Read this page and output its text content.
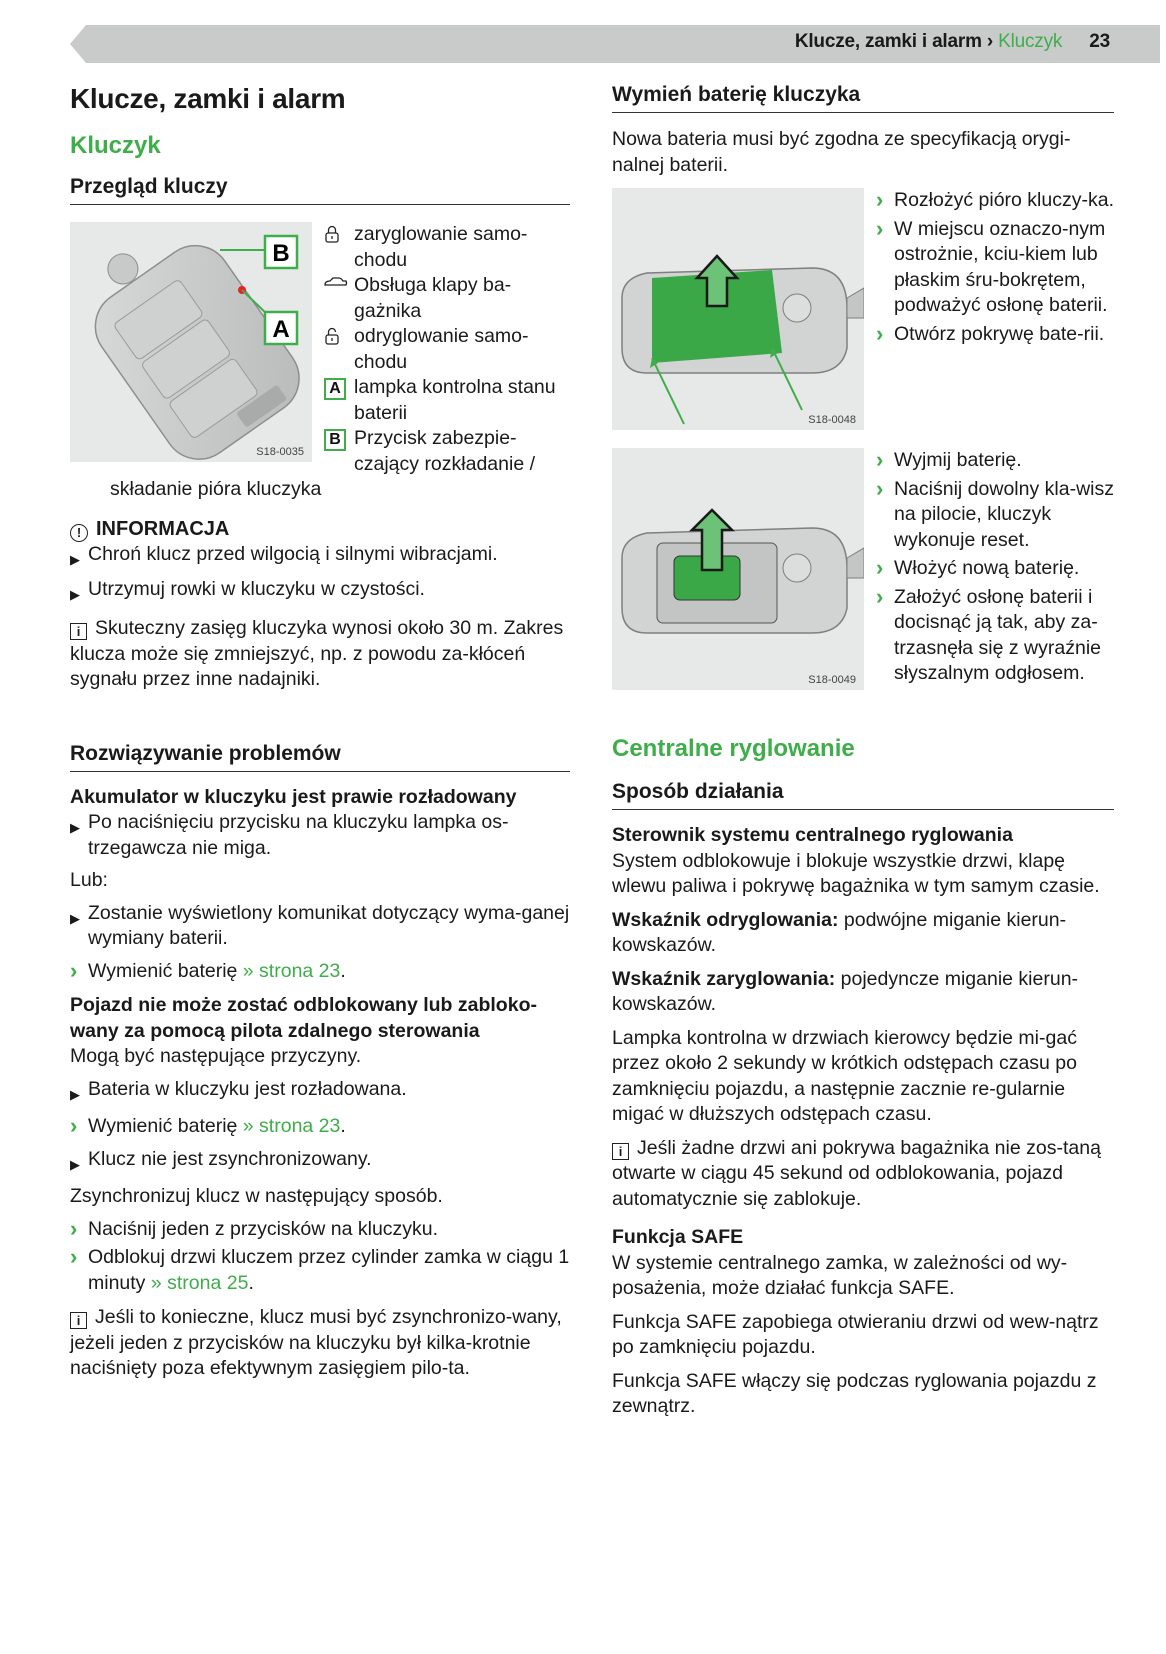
Klucze, zamki i alarm › Kluczyk 23
Klucze, zamki i alarm
Kluczyk
Przegląd kluczy
B
A
S18-0035
zaryglowanie samo-chodu
Obsługa klapy ba-gażnika
odryglowanie samo-chodu
A lampka kontrolna stanu baterii
B Przycisk zabezpie-czający rozkładanie /

składanie pióra kluczyka

! INFORMACJA
▶ Chroń klucz przed wilgocią i silnymi wibracjami.
▶ Utrzymuj rowki w kluczyku w czystości.

i Skuteczny zasięg kluczyka wynosi około 30 m. Zakres klucza może się zmniejszyć, np. z powodu za-kłóceń sygnału przez inne nadajniki.

Rozwiązywanie problemów

Akumulator w kluczyku jest prawie rozładowany

▶ Po naciśnięciu przycisku na kluczyku lampka os-trzegawcza nie miga.

Lub:

▶ Zostanie wyświetlony komunikat dotyczący wyma-ganej wymiany baterii.
› Wymienić baterię » strona 23.

Pojazd nie może zostać odblokowany lub zabloko-wany za pomocą pilota zdalnego sterowania

Mogą być następujące przyczyny.

▶ Bateria w kluczyku jest rozładowana.
› Wymienić baterię » strona 23.
▶ Klucz nie jest zsynchronizowany.

Zsynchronizuj klucz w następujący sposób.

› Naciśnij jeden z przycisków na kluczyku.
› Odblokuj drzwi kluczem przez cylinder zamka w ciągu 1 minuty » strona 25.

i Jeśli to konieczne, klucz musi być zsynchronizo-wany, jeżeli jeden z przycisków na kluczyku był kilka-krotnie naciśnięty poza efektywnym zasięgiem pilo-ta.

Wymień baterię kluczyka

Nowa bateria musi być zgodna ze specyfikacją orygi-nalnej baterii.

S18-0048
› Rozłożyć pióro kluczy-ka.
› W miejscu oznaczo-nym ostrożnie, kciu-kiem lub płaskim śru-bokrętem, podważyć osłonę baterii.
› Otwórz pokrywę bate-rii.
S18-0049
› Wyjmij baterię.
› Naciśnij dowolny kla-wisz na pilocie, kluczyk wykonuje reset.
› Włożyć nową baterię.
› Założyć osłonę baterii i docisnąć ją tak, aby za-trzasnęła się z wyraźnie słyszalnym odgłosem.
Centralne ryglowanie
Sposób działania

Sterownik systemu centralnego ryglowania

System odblokowuje i blokuje wszystkie drzwi, klapę wlewu paliwa i pokrywę bagażnika w tym samym czasie.

Wskaźnik odryglowania: podwójne miganie kierun-kowskazów.

Wskaźnik zaryglowania: pojedyncze miganie kierun-kowskazów.

Lampka kontrolna w drzwiach kierowcy będzie mi-gać przez około 2 sekundy w krótkich odstępach czasu po zamknięciu pojazdu, a następnie zacznie re-gularnie migać w dłuższych odstępach czasu.

i Jeśli żadne drzwi ani pokrywa bagażnika nie zos-taną otwarte w ciągu 45 sekund od odblokowania, pojazd automatycznie się zablokuje.

Funkcja SAFE

W systemie centralnego zamka, w zależności od wy-posażenia, może działać funkcja SAFE.

Funkcja SAFE zapobiega otwieraniu drzwi od wew-nątrz po zamknięciu pojazdu.

Funkcja SAFE włączy się podczas ryglowania pojazdu z zewnątrz.
